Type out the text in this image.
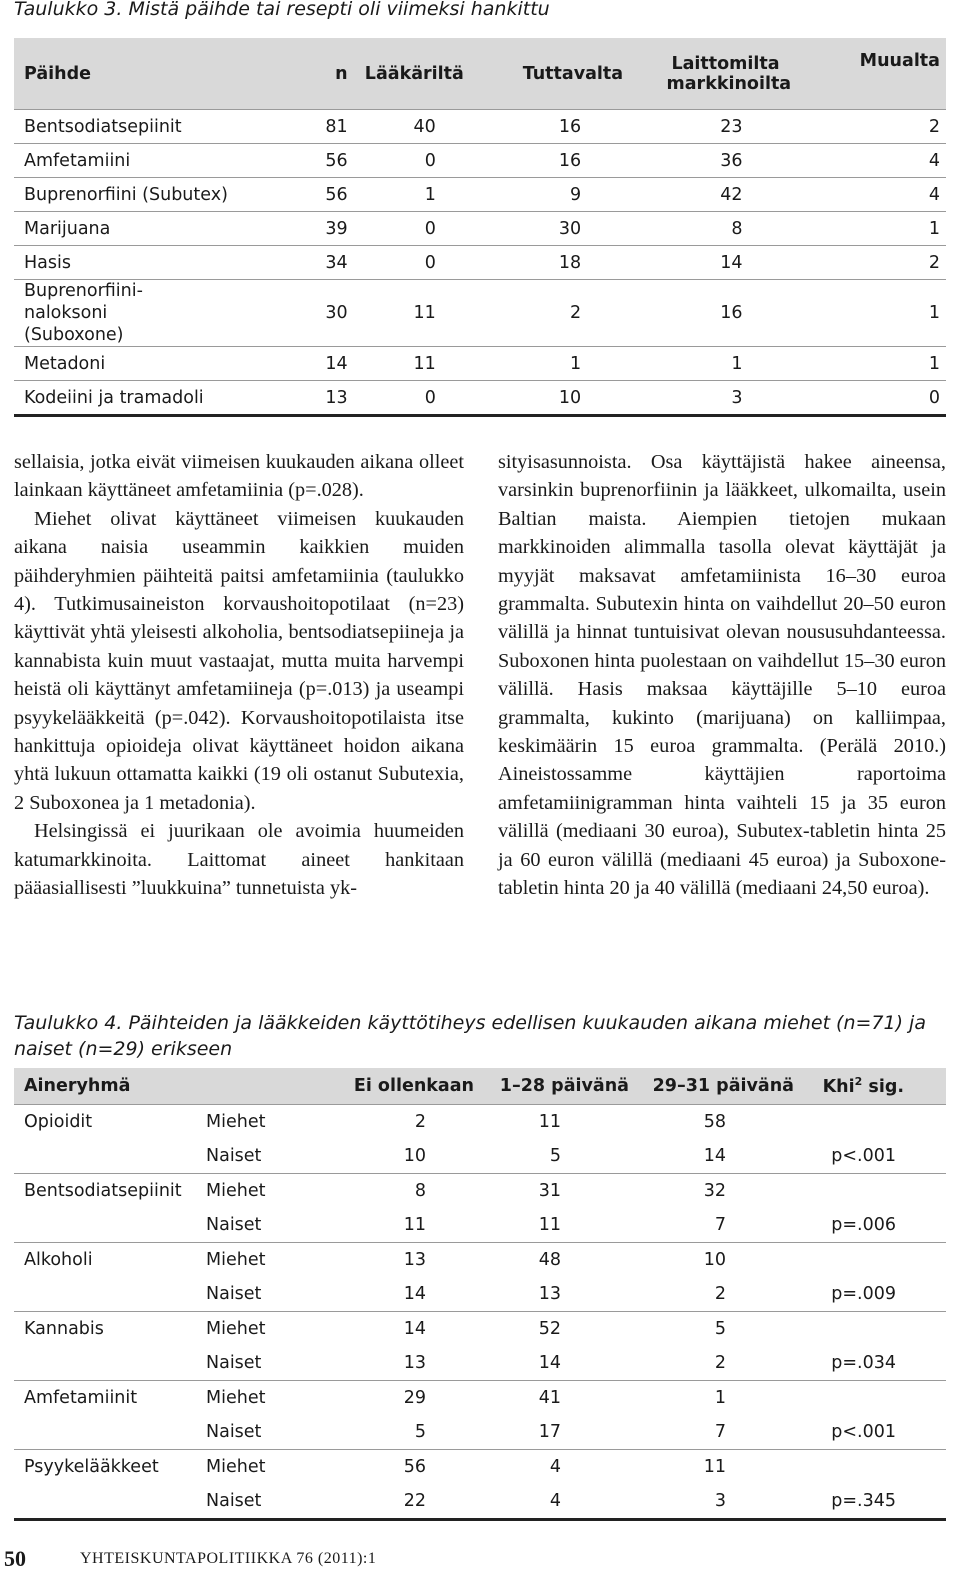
Taulukko 3. Mistä päihde tai resepti oli viimeksi hankittu
Päihde	n	Lääkäriltä	Tuttavalta	Laittomilta markkinoilta	Muualta
Bentsodiatsepiinit	81	40	16	23	2
Amfetamiini	56	0	16	36	4
Buprenorfiini (Subutex)	56	1	9	42	4
Marijuana	39	0	30	8	1
Hasis	34	0	18	14	2
Buprenorfiini-naloksoni (Suboxone)	30	11	2	16	1
Metadoni	14	11	1	1	1
Kodeiini ja tramadoli	13	0	10	3	0

sellaisia, jotka eivät viimeisen kuukauden aikana olleet lainkaan käyttäneet amfetamiinia (p=.028).

Miehet olivat käyttäneet viimeisen kuukauden aikana naisia useammin kaikkien muiden päihderyhmien päihteitä paitsi amfetamiinia (taulukko 4). Tutkimusaineiston korvaushoitopotilaat (n=23) käyttivät yhtä yleisesti alkoholia, bentsodiatsepiineja ja kannabista kuin muut vastaajat, mutta muita harvempi heistä oli käyttänyt amfetamiineja (p=.013) ja useampi psyykelääkkeitä (p=.042). Korvaushoitopotilaista itse hankittuja opioideja olivat käyttäneet hoidon aikana yhtä lukuun ottamatta kaikki (19 oli ostanut Subutexia, 2 Suboxonea ja 1 metadonia).

Helsingissä ei juurikaan ole avoimia huumeiden katumarkkinoita. Laittomat aineet hankitaan pääasiallisesti ”luukkuina” tunnetuista yk-

sityisasunnoista. Osa käyttäjistä hakee aineensa, varsinkin buprenorfiinin ja lääkkeet, ulkomailta, usein Baltian maista. Aiempien tietojen mukaan markkinoiden alimmalla tasolla olevat käyttäjät ja myyjät maksavat amfetamiinista 16–30 euroa grammalta. Subutexin hinta on vaihdellut 20–50 euron välillä ja hinnat tuntuisivat olevan noususuhdanteessa. Suboxonen hinta puolestaan on vaihdellut 15–30 euron välillä. Hasis maksaa käyttäjille 5–10 euroa grammalta, kukinto (marijuana) on kalliimpaa, keskimäärin 15 euroa grammalta. (Perälä 2010.) Aineistossamme käyttäjien raportoima amfetamiinigramman hinta vaihteli 15 ja 35 euron välillä (mediaani 30 euroa), Subutex-tabletin hinta 25 ja 60 euron välillä (mediaani 45 euroa) ja Suboxone-tabletin hinta 20 ja 40 välillä (mediaani 24,50 euroa).

Taulukko 4. Päihteiden ja lääkkeiden käyttötiheys edellisen kuukauden aikana miehet (n=71) ja naiset (n=29) erikseen
Aineryhmä		Ei ollenkaan	1–28 päivänä	29–31 päivänä	Khi$^2$ sig.
Opioidit	Miehet	2	11	58	
	Naiset	10	5	14	p<.001
Bentsodiatsepiinit	Miehet	8	31	32	
	Naiset	11	11	7	p=.006
Alkoholi	Miehet	13	48	10	
	Naiset	14	13	2	p=.009
Kannabis	Miehet	14	52	5	
	Naiset	13	14	2	p=.034
Amfetamiinit	Miehet	29	41	1	
	Naiset	5	17	7	p<.001
Psyykelääkkeet	Miehet	56	4	11	
	Naiset	22	4	3	p=.345
50	YHTEISKUNTAPOLITIIKKA 76 (2011):1
